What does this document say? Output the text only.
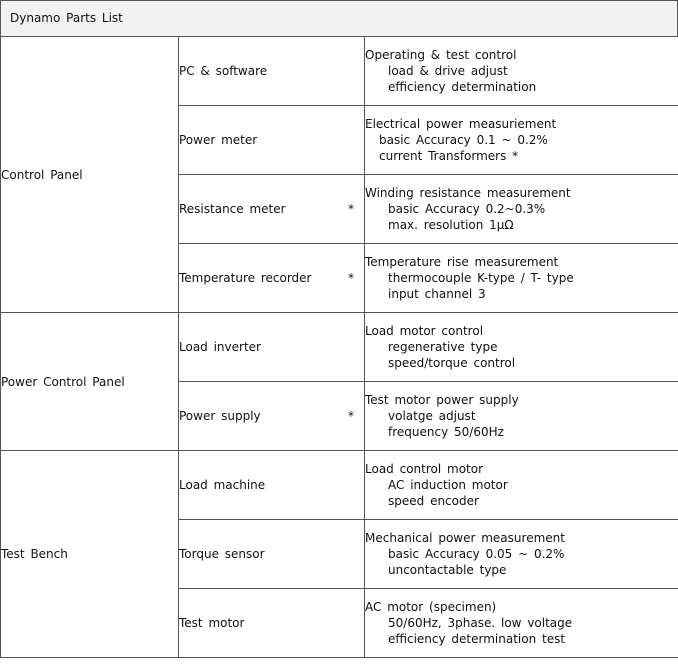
Dynamo Parts List
Control Panel	PC & software	Operating & test control
load & drive adjust
efficiency determination

	Power meter	Electrical power measuriement
basic Accuracy 0.1 ~ 0.2%
current Transformers *

	Resistance meter *	Winding resistance measurement
basic Accuracy 0.2~0.3%
max. resolution 1μΩ

	Temperature recorder *	Temperature rise measurement
thermocouple K-type / T- type
input channel 3

Power Control Panel	Load inverter	Load motor control
regenerative type
speed/torque control

	Power supply *	Test motor power supply
volatge adjust
frequency 50/60Hz

Test Bench	Load machine	Load control motor
AC induction motor
speed encoder

	Torque sensor	Mechanical power measurement
basic Accuracy 0.05 ~ 0.2%
uncontactable type

	Test motor	AC motor (specimen)
50/60Hz, 3phase. low voltage
efficiency determination test
